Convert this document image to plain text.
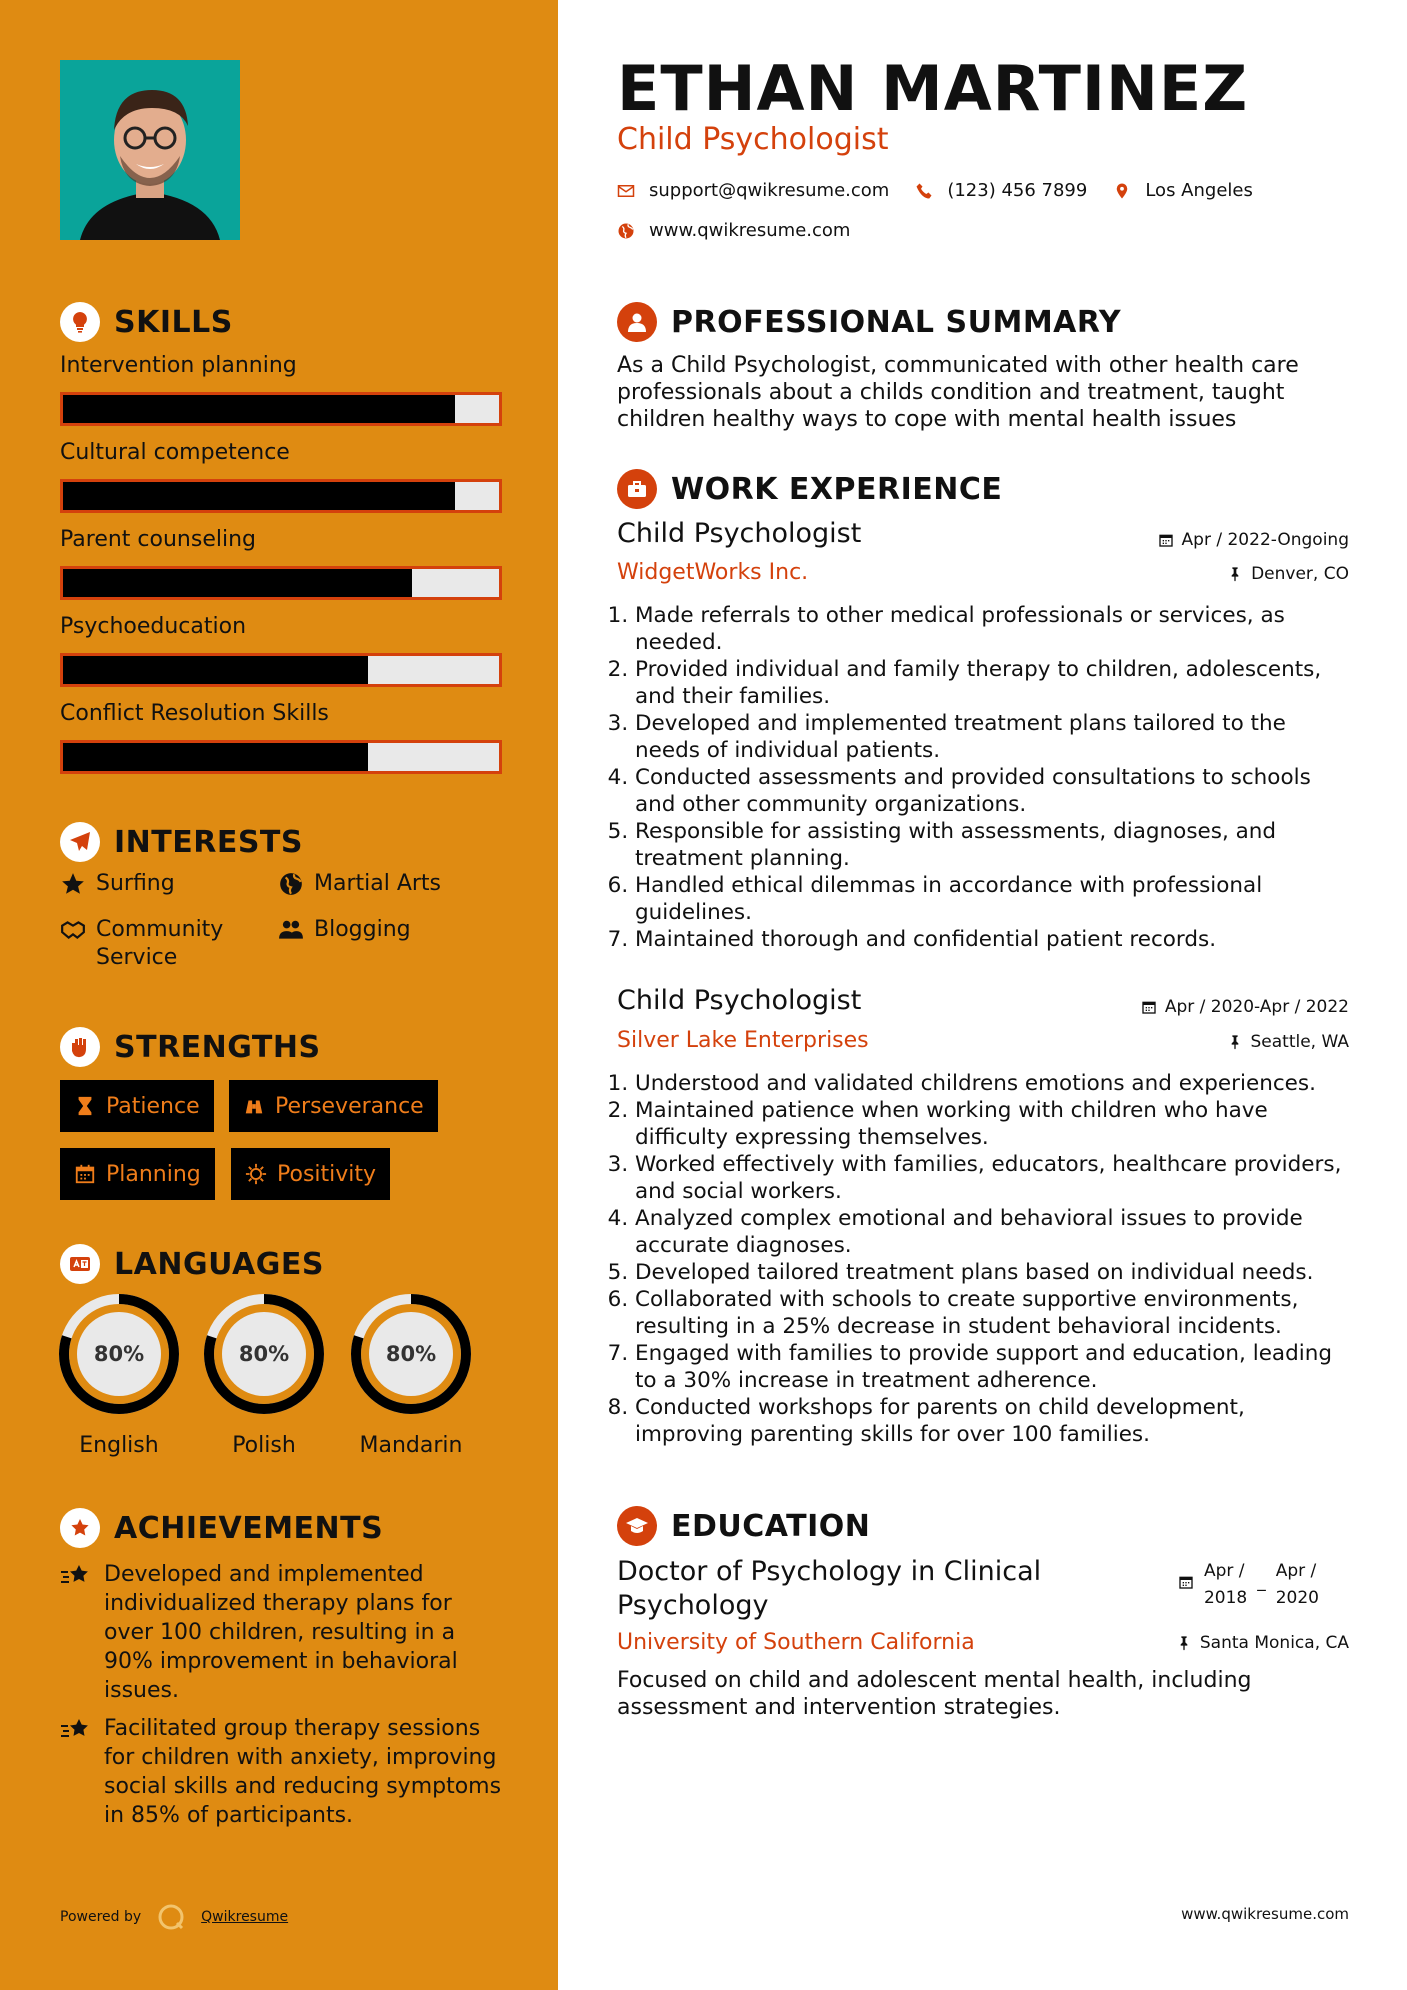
SKILLS
Intervention planning
Cultural competence
Parent counseling
Psychoeducation
Conflict Resolution Skills
INTERESTS
Surfing	Martial Arts
Community Service
Blogging
STRENGTHS
Patience	Perseverance
Planning	Positivity
LANGUAGES
80%
English
80%
Polish
80%
Mandarin
ACHIEVEMENTS
Developed and implemented individualized therapy plans for over 100 children, resulting in a 90% improvement in behavioral issues.
Facilitated group therapy sessions for children with anxiety, improving social skills and reducing symptoms in 85% of participants.
Powered by	Qwikresume
ETHAN MARTINEZ
Child Psychologist
support@qwikresume.com	(123) 456 7899	Los Angeles
www.qwikresume.com
PROFESSIONAL SUMMARY
As a Child Psychologist, communicated with other health care professionals about a childs condition and treatment, taught children healthy ways to cope with mental health issues
WORK EXPERIENCE
Child Psychologist	Apr / 2022-Ongoing
WidgetWorks Inc.	Denver, CO
1. Made referrals to other medical professionals or services, as needed.
2. Provided individual and family therapy to children, adolescents, and their families.
3. Developed and implemented treatment plans tailored to the needs of individual patients.
4. Conducted assessments and provided consultations to schools and other community organizations.
5. Responsible for assisting with assessments, diagnoses, and treatment planning.
6. Handled ethical dilemmas in accordance with professional guidelines.
7. Maintained thorough and confidential patient records.
Child Psychologist	Apr / 2020-Apr / 2022
Silver Lake Enterprises	Seattle, WA
1. Understood and validated childrens emotions and experiences.
2. Maintained patience when working with children who have difficulty expressing themselves.
3. Worked effectively with families, educators, healthcare providers, and social workers.
4. Analyzed complex emotional and behavioral issues to provide accurate diagnoses.
5. Developed tailored treatment plans based on individual needs.
6. Collaborated with schools to create supportive environments, resulting in a 25% decrease in student behavioral incidents.
7. Engaged with families to provide support and education, leading to a 30% increase in treatment adherence.
8. Conducted workshops for parents on child development, improving parenting skills for over 100 families.
EDUCATION
Doctor of Psychology in Clinical Psychology
Apr /
2018
_
Apr /
2020
University of Southern California	Santa Monica, CA
Focused on child and adolescent mental health, including assessment and intervention strategies.
www.qwikresume.com
